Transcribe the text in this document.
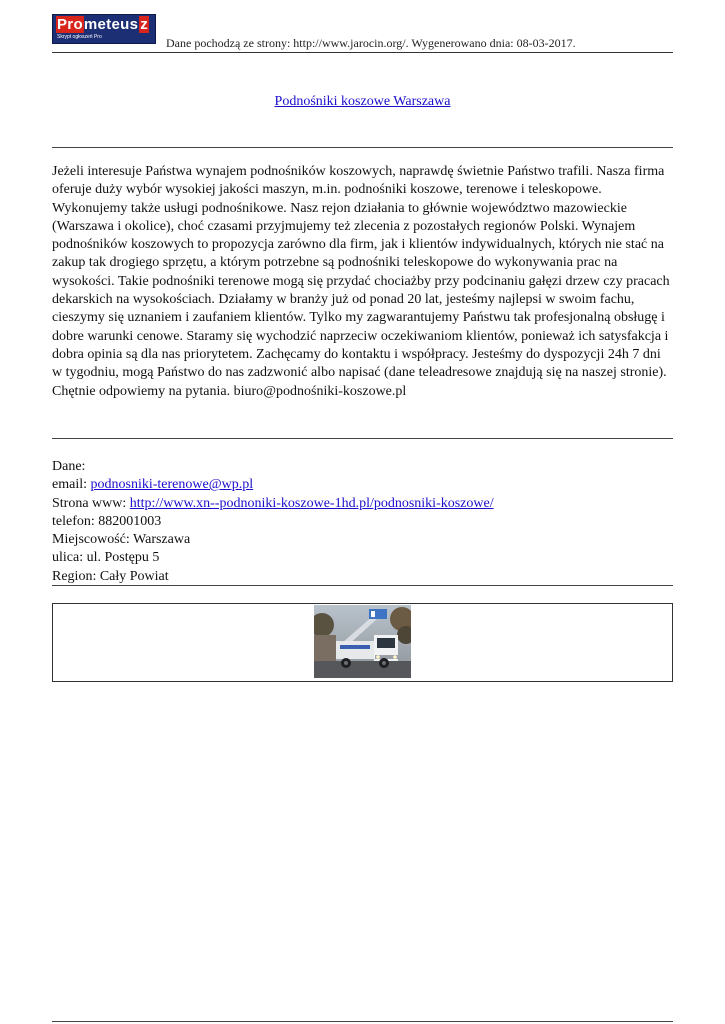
Prometeus z
Skrypt ogłoszeń Pro	Dane pochodzą ze strony: http://www.jarocin.org/. Wygenerowano dnia: 08-03-2017.
Podnośniki koszowe Warszawa

Jeżeli interesuje Państwa wynajem podnośników koszowych, naprawdę świetnie Państwo trafili. Nasza firma oferuje duży wybór wysokiej jakości maszyn, m.in. podnośniki koszowe, terenowe i teleskopowe. Wykonujemy także usługi podnośnikowe. Nasz rejon działania to głównie województwo mazowieckie (Warszawa i okolice), choć czasami przyjmujemy też zlecenia z pozostałych regionów Polski. Wynajem podnośników koszowych to propozycja zarówno dla firm, jak i klientów indywidualnych, których nie stać na zakup tak drogiego sprzętu, a którym potrzebne są podnośniki teleskopowe do wykonywania prac na wysokości. Takie podnośniki terenowe mogą się przydać chociażby przy podcinaniu gałęzi drzew czy pracach dekarskich na wysokościach. Działamy w branży już od ponad 20 lat, jesteśmy najlepsi w swoim fachu, cieszymy się uznaniem i zaufaniem klientów. Tylko my zagwarantujemy Państwu tak profesjonalną obsługę i dobre warunki cenowe. Staramy się wychodzić naprzeciw oczekiwaniom klientów, ponieważ ich satysfakcja i dobra opinia są dla nas priorytetem. Zachęcamy do kontaktu i współpracy. Jesteśmy do dyspozycji 24h 7 dni w tygodniu, mogą Państwo do nas zadzwonić albo napisać (dane teleadresowe znajdują się na naszej stronie). Chętnie odpowiemy na pytania. biuro@podnośniki-koszowe.pl

Dane:
email: podnosniki-terenowe@wp.pl
Strona www: http://www.xn--podnoniki-koszowe-1hd.pl/podnosniki-koszowe/
telefon: 882001003
Miejscowość: Warszawa
ulica: ul. Postępu 5
Region: Cały Powiat
